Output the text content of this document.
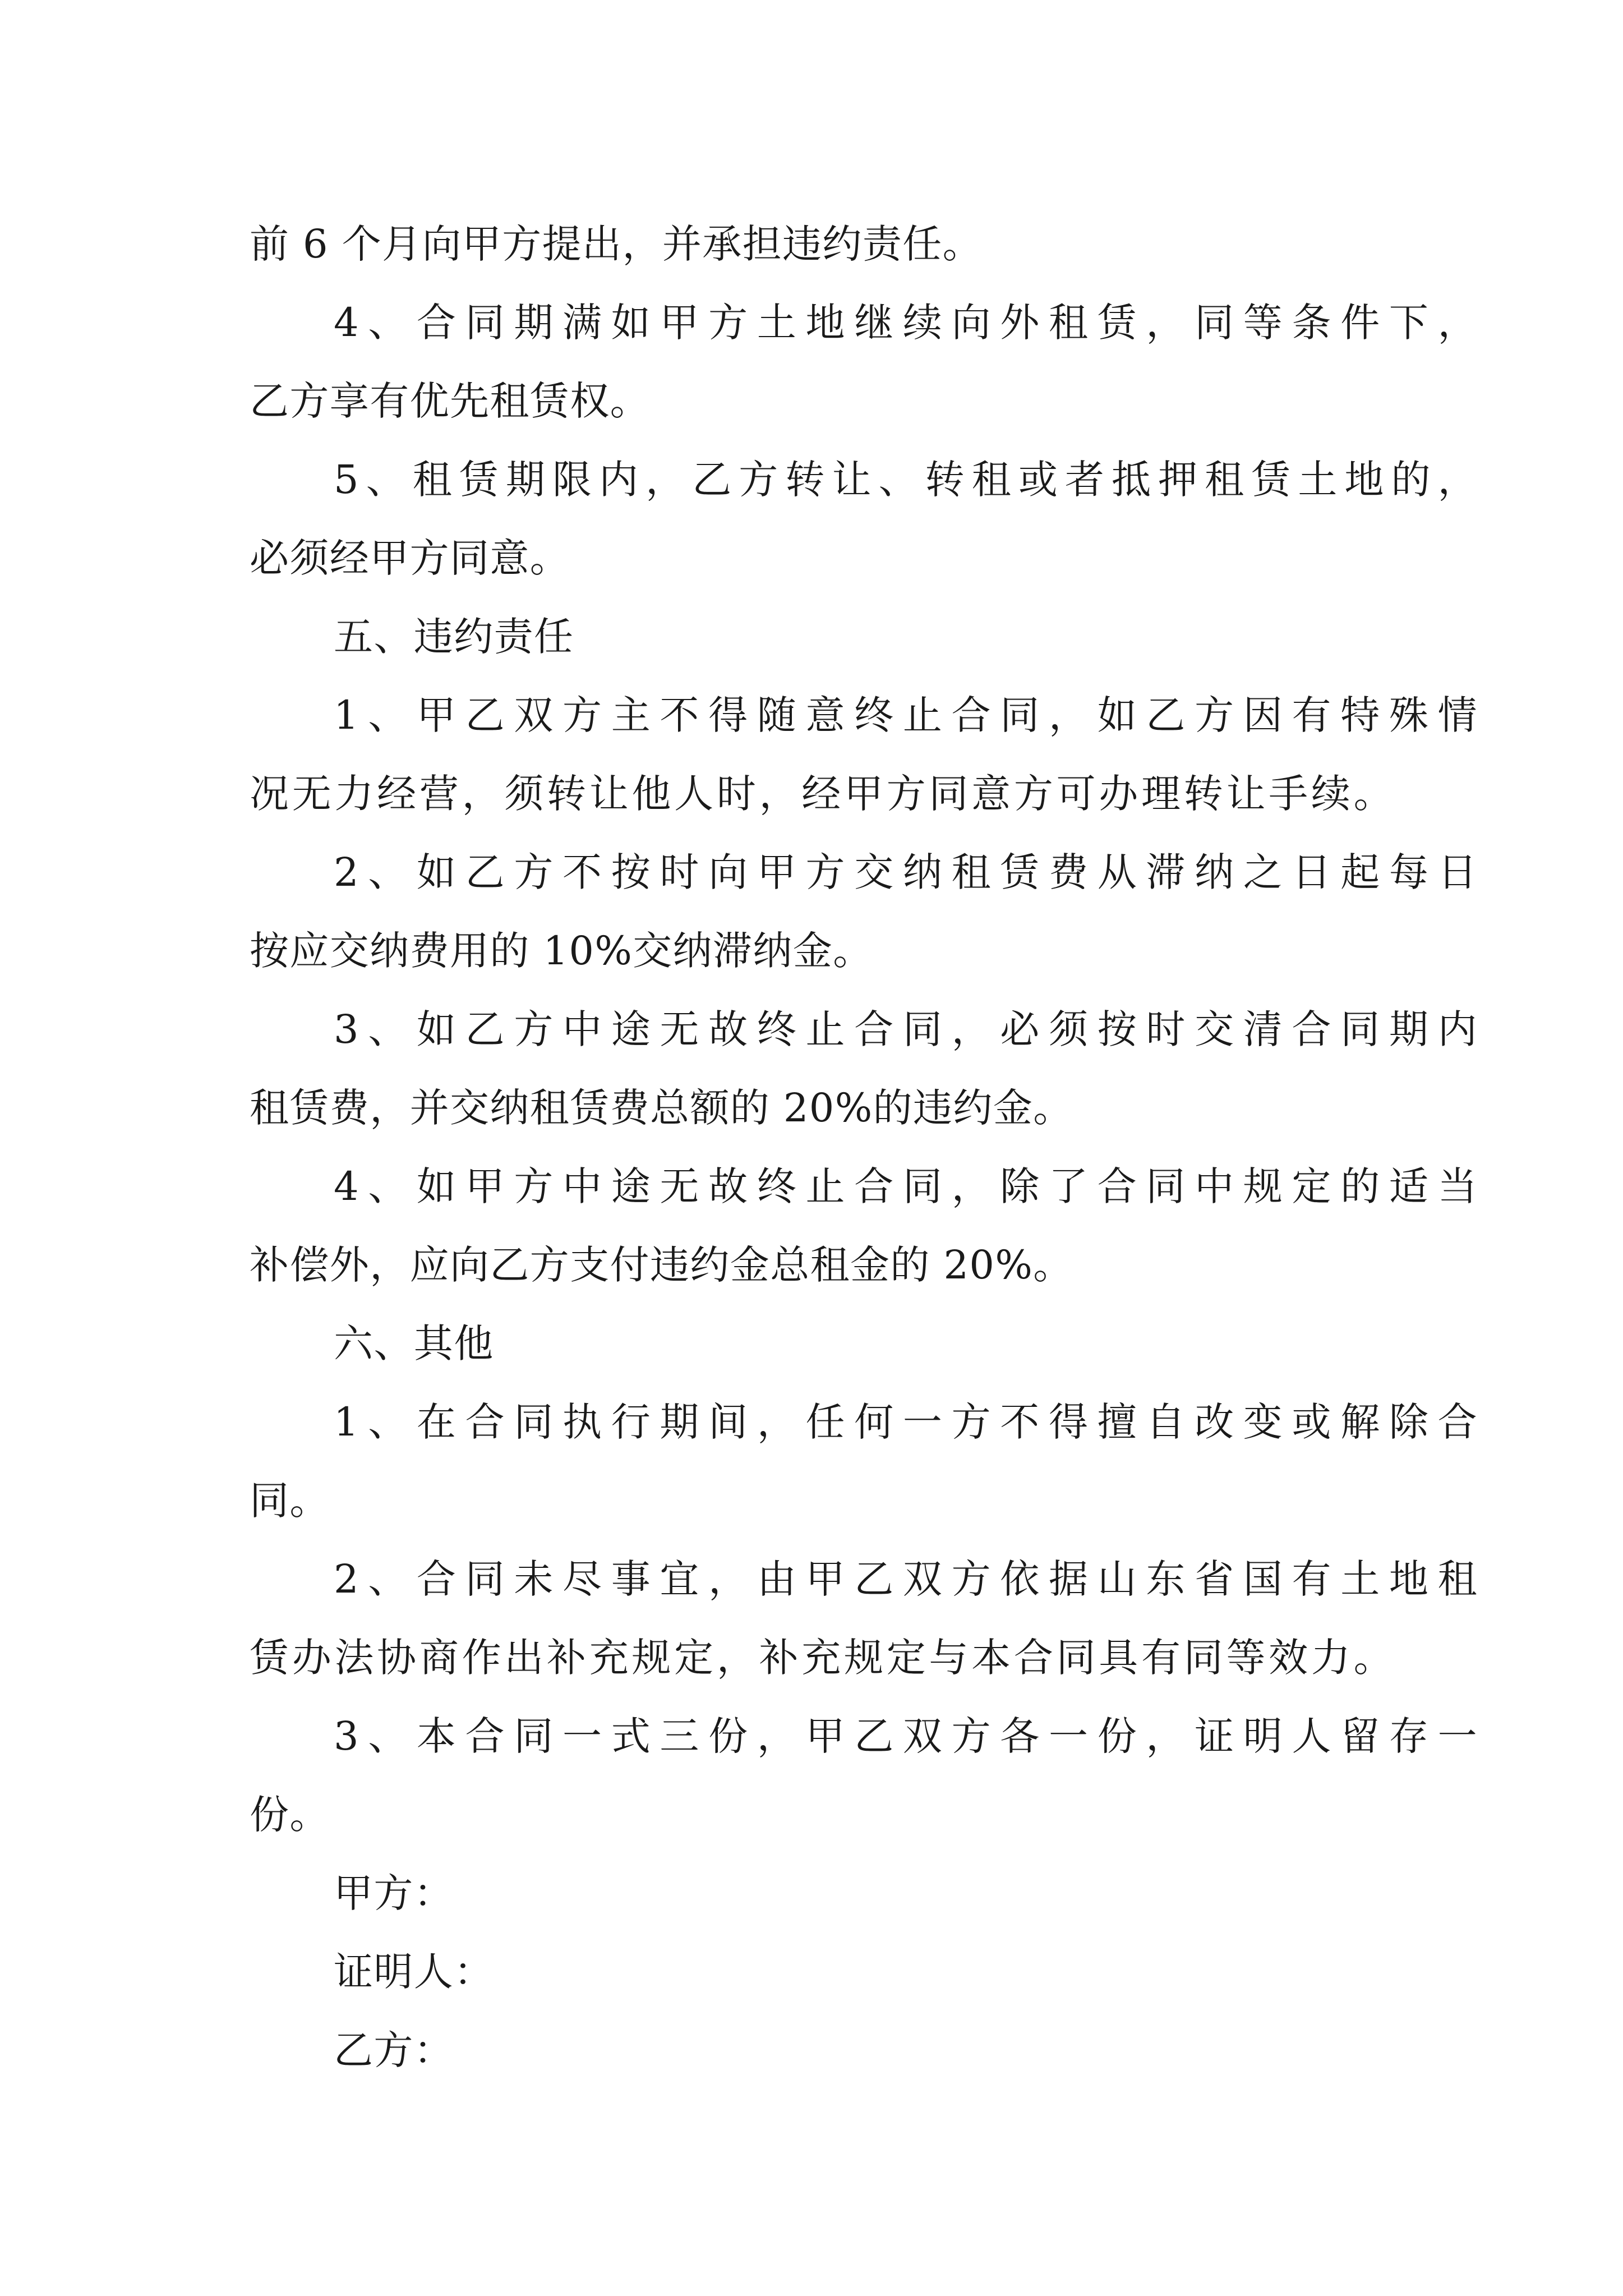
前 6 个月向甲方提出，并承担违约责任。
4、合同期满如甲方土地继续向外租赁，同等条件下，
乙方享有优先租赁权。
5、租赁期限内，乙方转让、转租或者抵押租赁土地的，
必须经甲方同意。
五、违约责任
1、甲乙双方主不得随意终止合同，如乙方因有特殊情
况无力经营，须转让他人时，经甲方同意方可办理转让手续。
2、如乙方不按时向甲方交纳租赁费从滞纳之日起每日
按应交纳费用的 10%交纳滞纳金。
3、如乙方中途无故终止合同，必须按时交清合同期内
租赁费，并交纳租赁费总额的 20%的违约金。
4、如甲方中途无故终止合同，除了合同中规定的适当
补偿外，应向乙方支付违约金总租金的 20%。
六、其他
1、在合同执行期间，任何一方不得擅自改变或解除合
同。
2、合同未尽事宜，由甲乙双方依据山东省国有土地租
赁办法协商作出补充规定，补充规定与本合同具有同等效力。
3、本合同一式三份，甲乙双方各一份，证明人留存一
份。
甲方：
证明人：
乙方：
